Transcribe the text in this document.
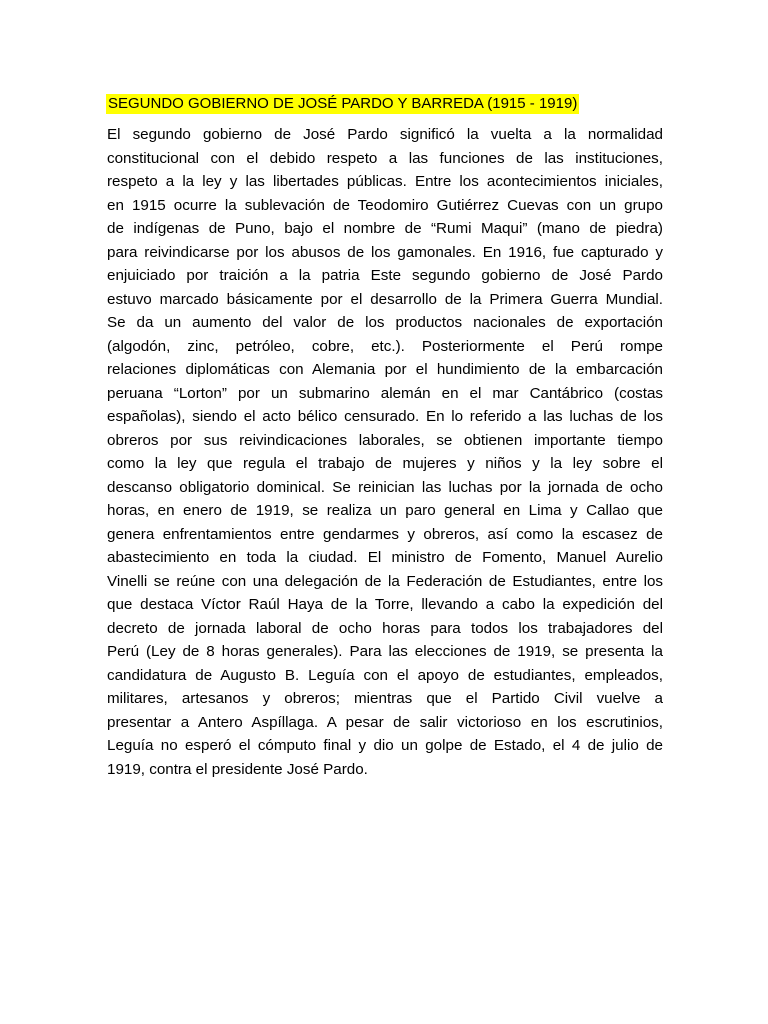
SEGUNDO GOBIERNO DE JOSÉ PARDO Y BARREDA (1915 - 1919)
El segundo gobierno de José Pardo significó la vuelta a la normalidad
constitucional con el debido respeto a las funciones de las instituciones,
respeto a la ley y las libertades públicas. Entre los acontecimientos iniciales,
en 1915 ocurre la sublevación de Teodomiro Gutiérrez Cuevas con un grupo
de indígenas de Puno, bajo el nombre de “Rumi Maqui” (mano de piedra)
para reivindicarse por los abusos de los gamonales. En 1916, fue capturado y
enjuiciado por traición a la patria Este segundo gobierno de José Pardo
estuvo marcado básicamente por el desarrollo de la Primera Guerra Mundial.
Se da un aumento del valor de los productos nacionales de exportación
(algodón, zinc, petróleo, cobre, etc.). Posteriormente el Perú rompe
relaciones diplomáticas con Alemania por el hundimiento de la embarcación
peruana “Lorton” por un submarino alemán en el mar Cantábrico (costas
españolas), siendo el acto bélico censurado. En lo referido a las luchas de los
obreros por sus reivindicaciones laborales, se obtienen importante tiempo
como la ley que regula el trabajo de mujeres y niños y la ley sobre el
descanso obligatorio dominical. Se reinician las luchas por la jornada de ocho
horas, en enero de 1919, se realiza un paro general en Lima y Callao que
genera enfrentamientos entre gendarmes y obreros, así como la escasez de
abastecimiento en toda la ciudad. El ministro de Fomento, Manuel Aurelio
Vinelli se reúne con una delegación de la Federación de Estudiantes, entre los
que destaca Víctor Raúl Haya de la Torre, llevando a cabo la expedición del
decreto de jornada laboral de ocho horas para todos los trabajadores del
Perú (Ley de 8 horas generales). Para las elecciones de 1919, se presenta la
candidatura de Augusto B. Leguía con el apoyo de estudiantes, empleados,
militares, artesanos y obreros; mientras que el Partido Civil vuelve a
presentar a Antero Aspíllaga. A pesar de salir victorioso en los escrutinios,
Leguía no esperó el cómputo final y dio un golpe de Estado, el 4 de julio de
1919, contra el presidente José Pardo.
